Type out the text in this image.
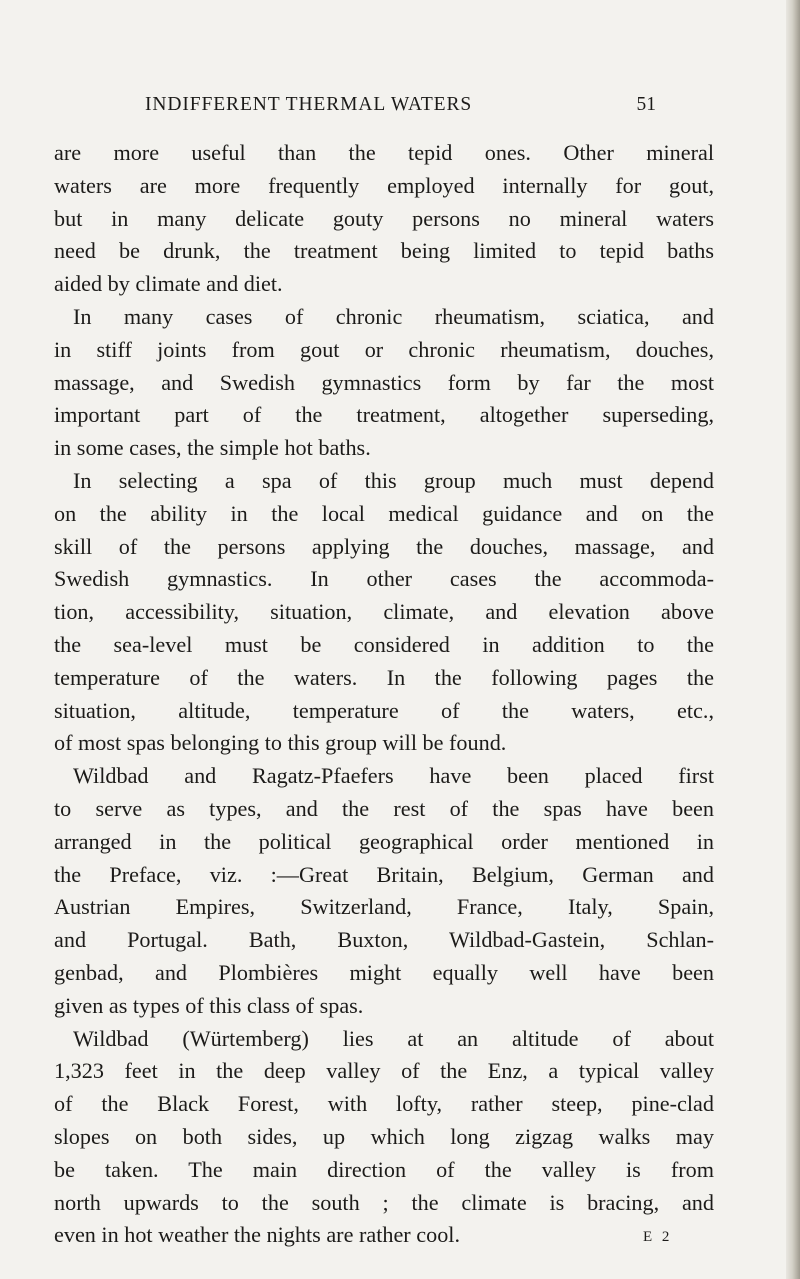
INDIFFERENT THERMAL WATERS	51
are more useful than the tepid ones. Other mineral
waters are more frequently employed internally for gout,
but in many delicate gouty persons no mineral waters
need be drunk, the treatment being limited to tepid baths
aided by climate and diet.
In many cases of chronic rheumatism, sciatica, and
in stiff joints from gout or chronic rheumatism, douches,
massage, and Swedish gymnastics form by far the most
important part of the treatment, altogether superseding,
in some cases, the simple hot baths.
In selecting a spa of this group much must depend
on the ability in the local medical guidance and on the
skill of the persons applying the douches, massage, and
Swedish gymnastics. In other cases the accommoda-
tion, accessibility, situation, climate, and elevation above
the sea-level must be considered in addition to the
temperature of the waters. In the following pages the
situation, altitude, temperature of the waters, etc.,
of most spas belonging to this group will be found.
Wildbad and Ragatz-Pfaefers have been placed first
to serve as types, and the rest of the spas have been
arranged in the political geographical order mentioned in
the Preface, viz. :—Great Britain, Belgium, German and
Austrian Empires, Switzerland, France, Italy, Spain,
and Portugal. Bath, Buxton, Wildbad-Gastein, Schlan-
genbad, and Plombières might equally well have been
given as types of this class of spas.
Wildbad (Würtemberg) lies at an altitude of about
1,323 feet in the deep valley of the Enz, a typical valley
of the Black Forest, with lofty, rather steep, pine-clad
slopes on both sides, up which long zigzag walks may
be taken. The main direction of the valley is from
north upwards to the south ; the climate is bracing, and
even in hot weather the nights are rather cool.	E 2
